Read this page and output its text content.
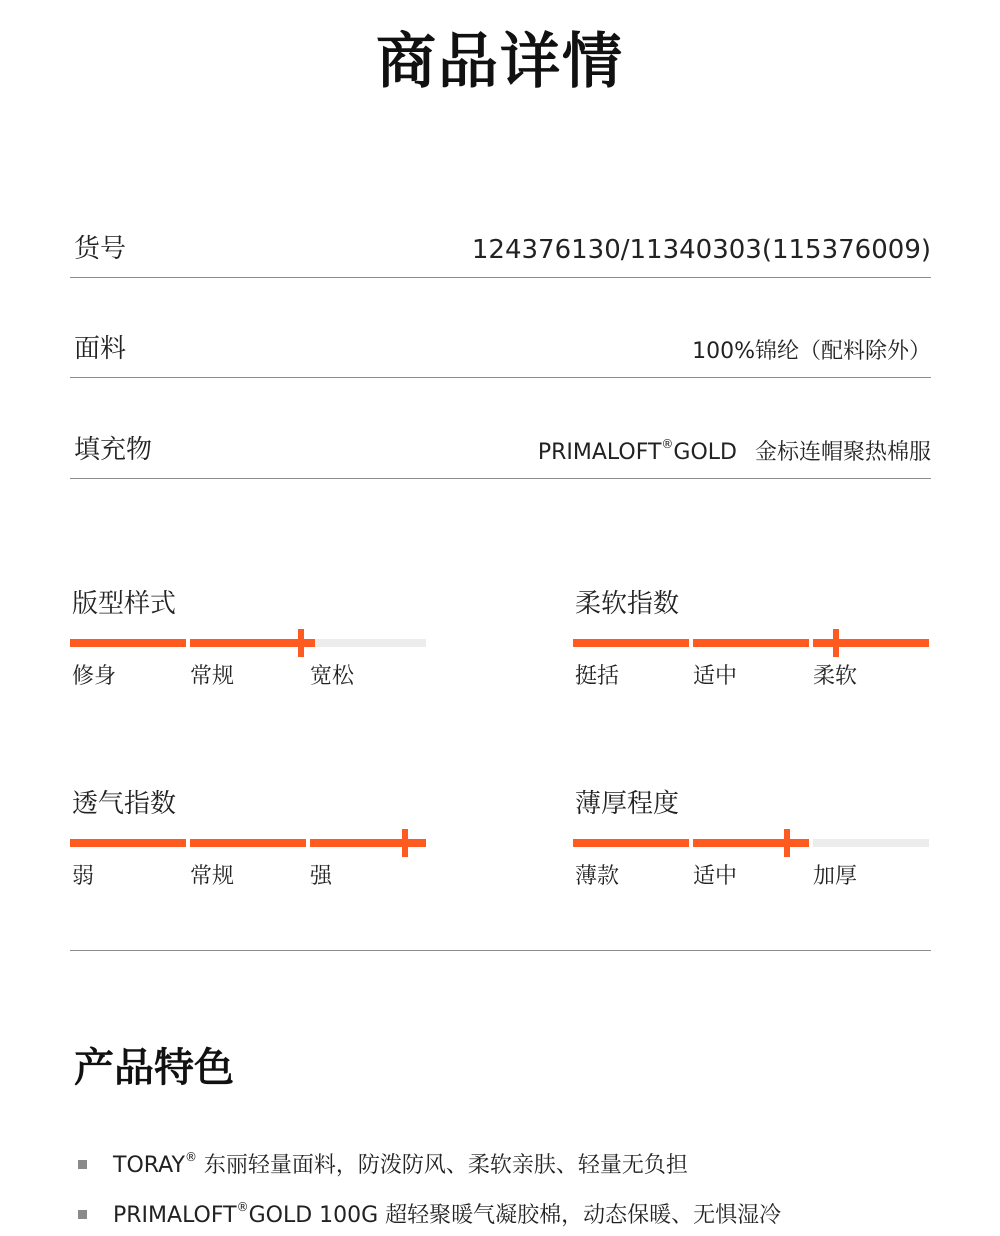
商品详情
货号	124376130/11340303(115376009)
面料	100%锦纶（配料除外）
填充物	PRIMALOFT®GOLD 金标连帽聚热棉服
版型样式
修身	常规	宽松
柔软指数
挺括	适中	柔软
透气指数
弱	常规	强
薄厚程度
薄款	适中	加厚
产品特色
TORAY® 东丽轻量面料，防泼防风、柔软亲肤、轻量无负担
PRIMALOFT®GOLD 100G 超轻聚暖气凝胶棉，动态保暖、无惧湿冷
